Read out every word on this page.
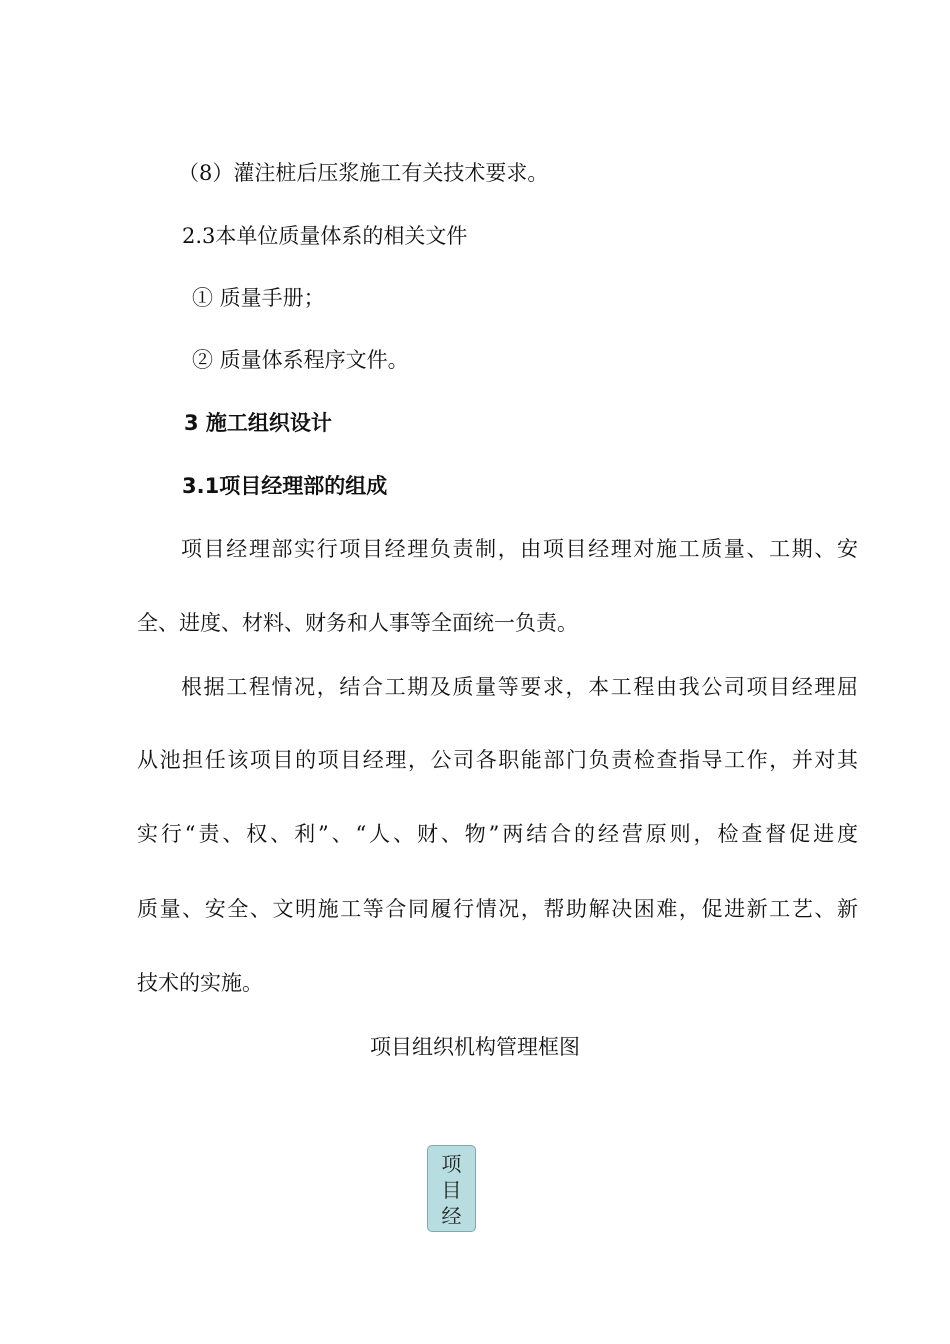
（8）灌注桩后压浆施工有关技术要求。

2.3本单位质量体系的相关文件

① 质量手册；

② 质量体系程序文件。

3 施工组织设计

3.1项目经理部的组成

项目经理部实行项目经理负责制，由项目经理对施工质量、工期、安

全、进度、材料、财务和人事等全面统一负责。

根据工程情况，结合工期及质量等要求，本工程由我公司项目经理屈

从池担任该项目的项目经理，公司各职能部门负责检查指导工作，并对其

实行“责、权、利”、“人、财、物”两结合的经营原则，检查督促进度

质量、安全、文明施工等合同履行情况，帮助解决困难，促进新工艺、新

技术的实施。

项目组织机构管理框图

项
目
经
